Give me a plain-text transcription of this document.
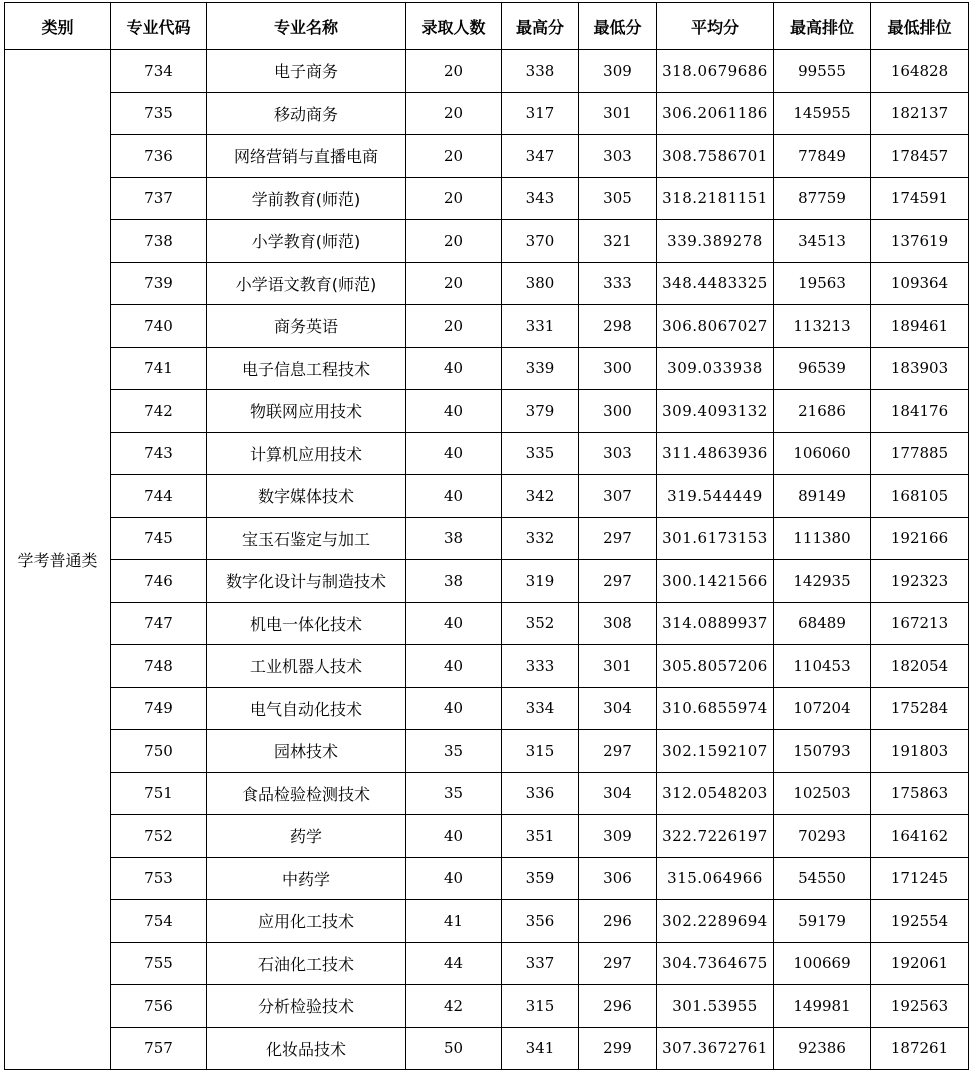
类别	专业代码	专业名称	录取人数	最高分	最低分	平均分	最高排位	最低排位
学考普通类	734	电子商务	20	338	309	318.0679686	99555	164828
	735	移动商务	20	317	301	306.2061186	145955	182137
	736	网络营销与直播电商	20	347	303	308.7586701	77849	178457
	737	学前教育(师范)	20	343	305	318.2181151	87759	174591
	738	小学教育(师范)	20	370	321	339.389278	34513	137619
	739	小学语文教育(师范)	20	380	333	348.4483325	19563	109364
	740	商务英语	20	331	298	306.8067027	113213	189461
	741	电子信息工程技术	40	339	300	309.033938	96539	183903
	742	物联网应用技术	40	379	300	309.4093132	21686	184176
	743	计算机应用技术	40	335	303	311.4863936	106060	177885
	744	数字媒体技术	40	342	307	319.544449	89149	168105
	745	宝玉石鉴定与加工	38	332	297	301.6173153	111380	192166
	746	数字化设计与制造技术	38	319	297	300.1421566	142935	192323
	747	机电一体化技术	40	352	308	314.0889937	68489	167213
	748	工业机器人技术	40	333	301	305.8057206	110453	182054
	749	电气自动化技术	40	334	304	310.6855974	107204	175284
	750	园林技术	35	315	297	302.1592107	150793	191803
	751	食品检验检测技术	35	336	304	312.0548203	102503	175863
	752	药学	40	351	309	322.7226197	70293	164162
	753	中药学	40	359	306	315.064966	54550	171245
	754	应用化工技术	41	356	296	302.2289694	59179	192554
	755	石油化工技术	44	337	297	304.7364675	100669	192061
	756	分析检验技术	42	315	296	301.53955	149981	192563
	757	化妆品技术	50	341	299	307.3672761	92386	187261
